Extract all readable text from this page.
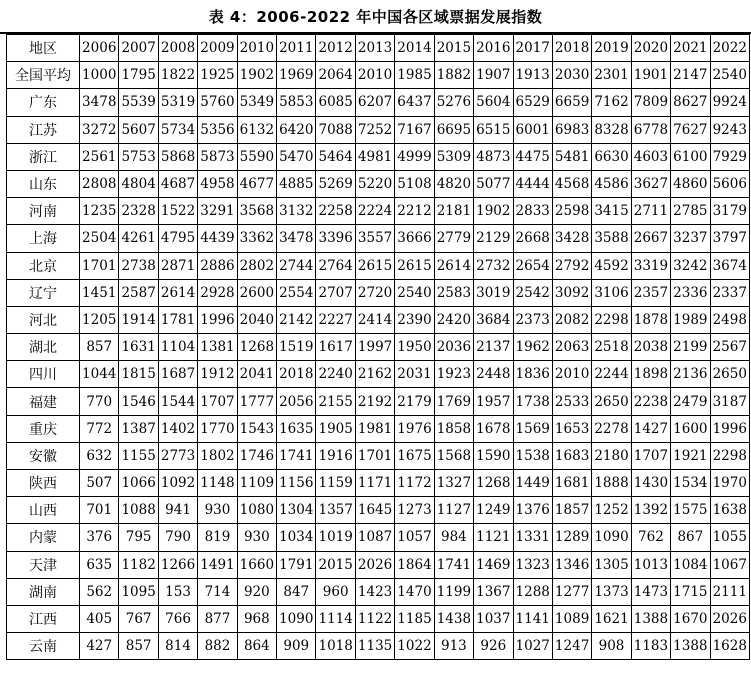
表 4：2006-2022 年中国各区域票据发展指数
地区	2006	2007	2008	2009	2010	2011	2012	2013	2014	2015	2016	2017	2018	2019	2020	2021	2022
全国平均	1000	1795	1822	1925	1902	1969	2064	2010	1985	1882	1907	1913	2030	2301	1901	2147	2540
广东	3478	5539	5319	5760	5349	5853	6085	6207	6437	5276	5604	6529	6659	7162	7809	8627	9924
江苏	3272	5607	5734	5356	6132	6420	7088	7252	7167	6695	6515	6001	6983	8328	6778	7627	9243
浙江	2561	5753	5868	5873	5590	5470	5464	4981	4999	5309	4873	4475	5481	6630	4603	6100	7929
山东	2808	4804	4687	4958	4677	4885	5269	5220	5108	4820	5077	4444	4568	4586	3627	4860	5606
河南	1235	2328	1522	3291	3568	3132	2258	2224	2212	2181	1902	2833	2598	3415	2711	2785	3179
上海	2504	4261	4795	4439	3362	3478	3396	3557	3666	2779	2129	2668	3428	3588	2667	3237	3797
北京	1701	2738	2871	2886	2802	2744	2764	2615	2615	2614	2732	2654	2792	4592	3319	3242	3674
辽宁	1451	2587	2614	2928	2600	2554	2707	2720	2540	2583	3019	2542	3092	3106	2357	2336	2337
河北	1205	1914	1781	1996	2040	2142	2227	2414	2390	2420	3684	2373	2082	2298	1878	1989	2498
湖北	857	1631	1104	1381	1268	1519	1617	1997	1950	2036	2137	1962	2063	2518	2038	2199	2567
四川	1044	1815	1687	1912	2041	2018	2240	2162	2031	1923	2448	1836	2010	2244	1898	2136	2650
福建	770	1546	1544	1707	1777	2056	2155	2192	2179	1769	1957	1738	2533	2650	2238	2479	3187
重庆	772	1387	1402	1770	1543	1635	1905	1981	1976	1858	1678	1569	1653	2278	1427	1600	1996
安徽	632	1155	2773	1802	1746	1741	1916	1701	1675	1568	1590	1538	1683	2180	1707	1921	2298
陕西	507	1066	1092	1148	1109	1156	1159	1171	1172	1327	1268	1449	1681	1888	1430	1534	1970
山西	701	1088	941	930	1080	1304	1357	1645	1273	1127	1249	1376	1857	1252	1392	1575	1638
内蒙	376	795	790	819	930	1034	1019	1087	1057	984	1121	1331	1289	1090	762	867	1055
天津	635	1182	1266	1491	1660	1791	2015	2026	1864	1741	1469	1323	1346	1305	1013	1084	1067
湖南	562	1095	153	714	920	847	960	1423	1470	1199	1367	1288	1277	1373	1473	1715	2111
江西	405	767	766	877	968	1090	1114	1122	1185	1438	1037	1141	1089	1621	1388	1670	2026
云南	427	857	814	882	864	909	1018	1135	1022	913	926	1027	1247	908	1183	1388	1628
